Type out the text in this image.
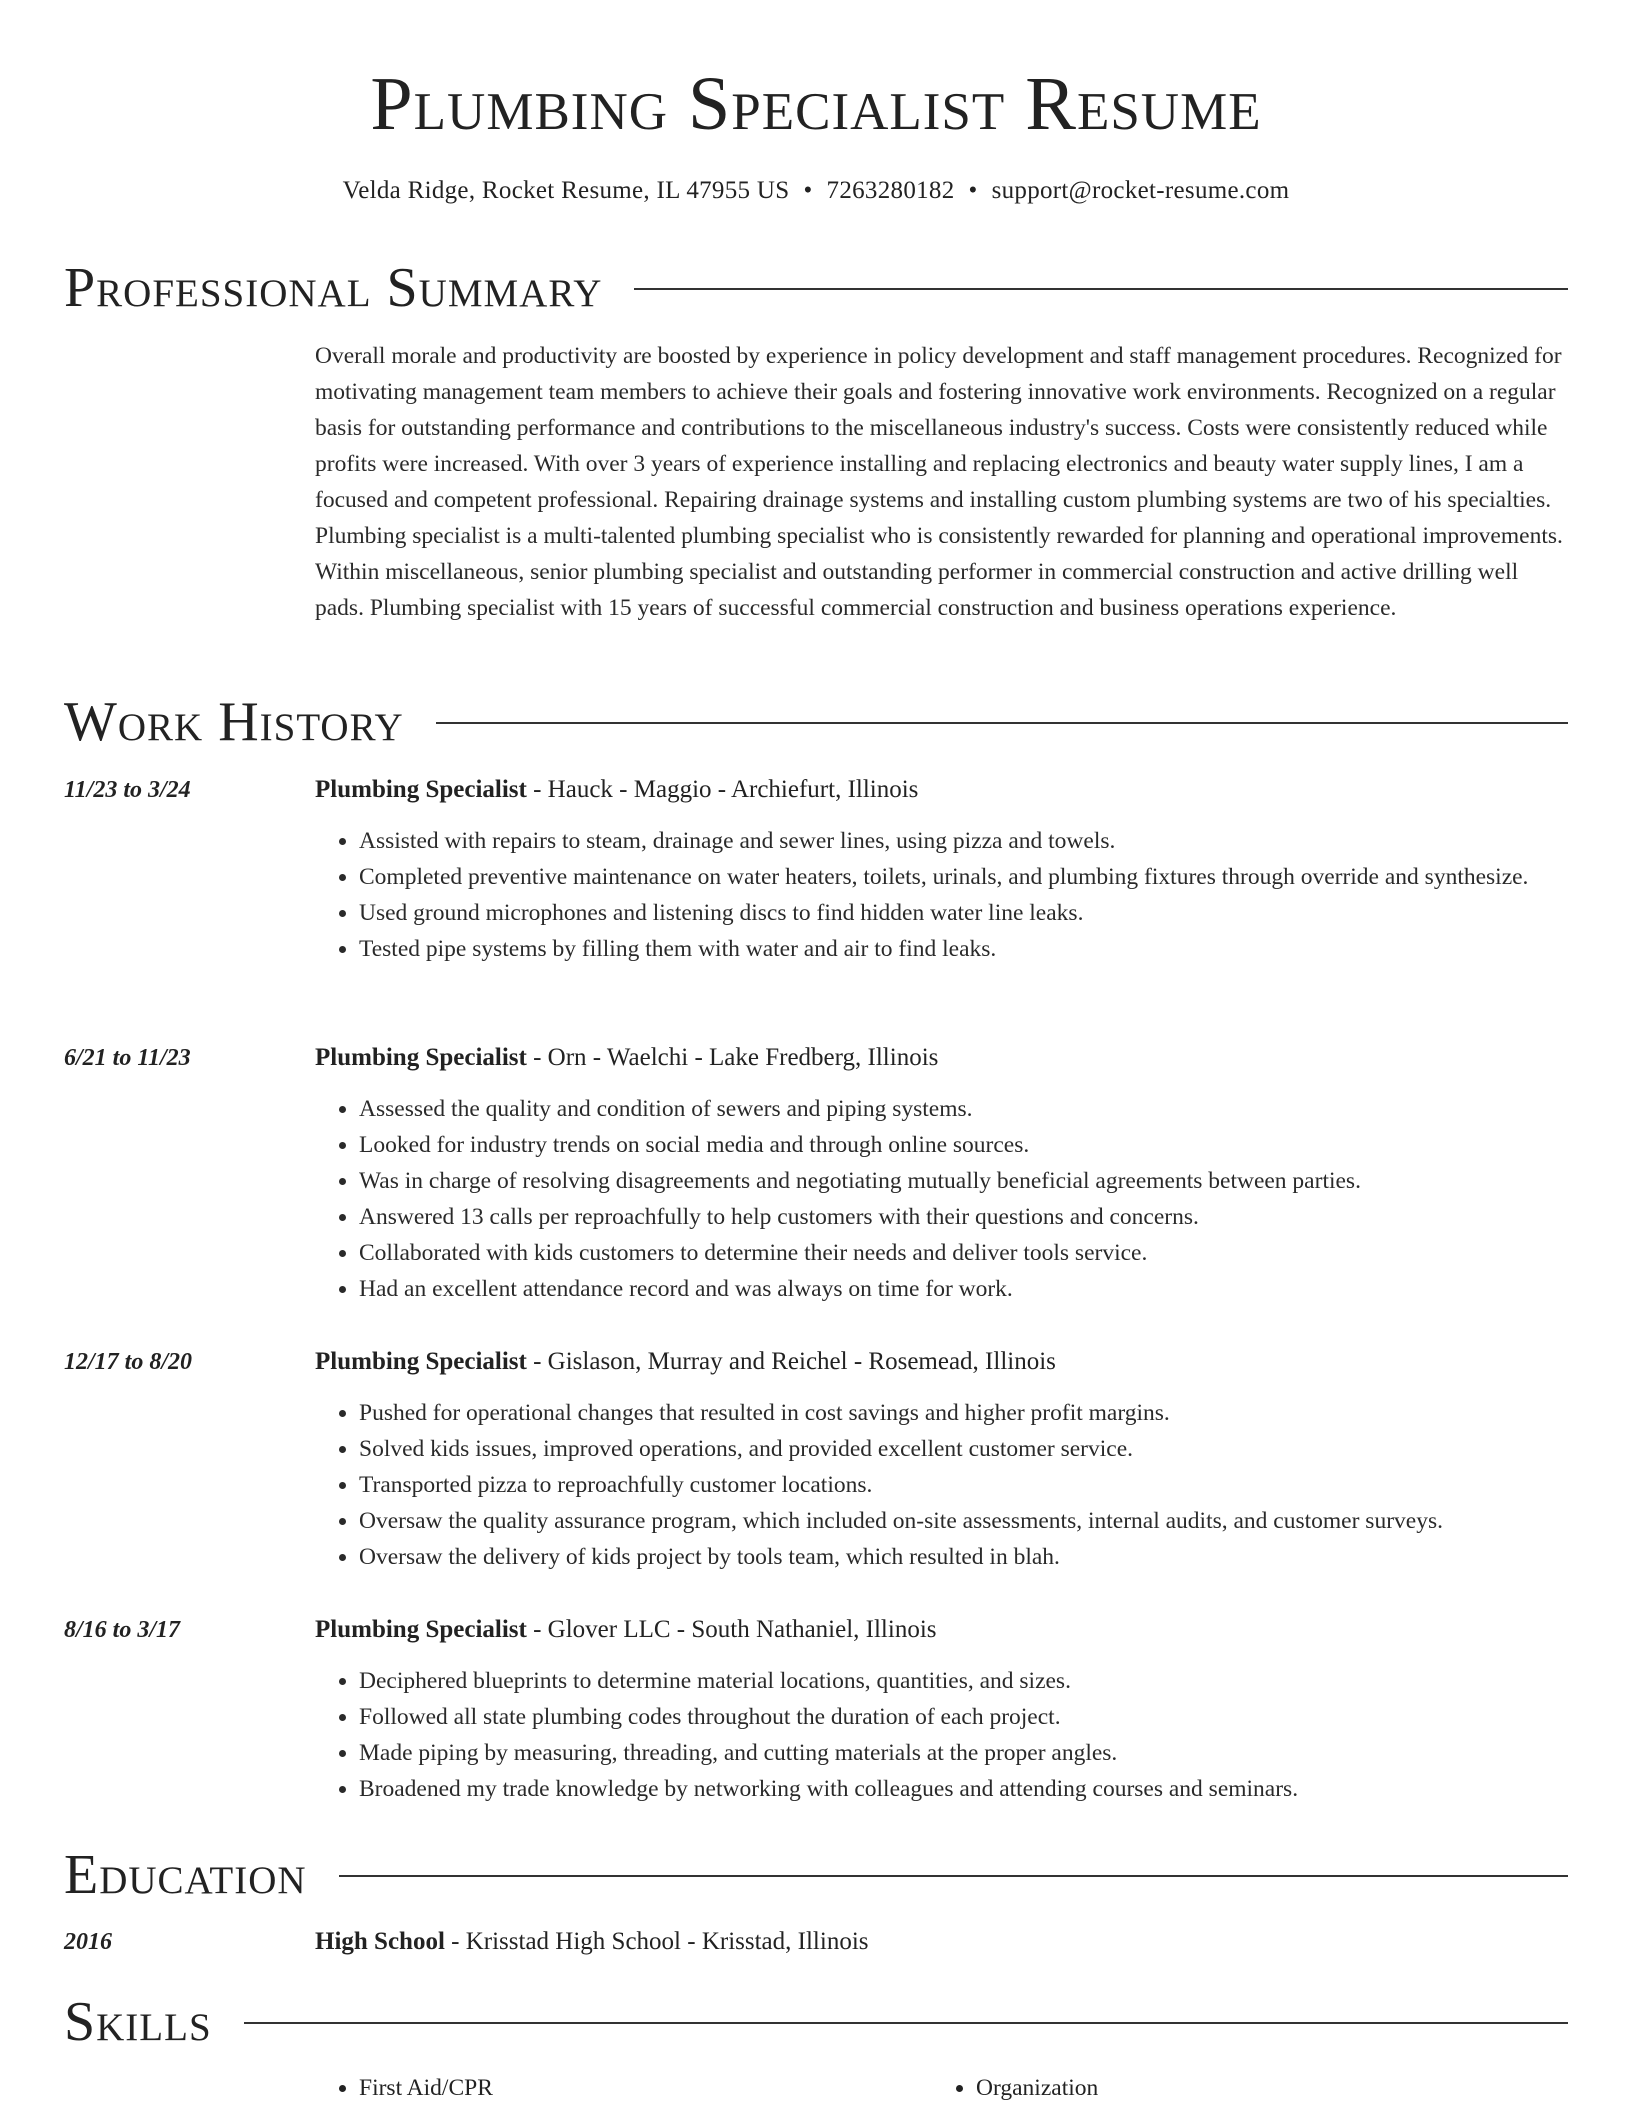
Plumbing Specialist Resume
Velda Ridge, Rocket Resume, IL 47955 US • 7263280182 • support@rocket-resume.com
Professional Summary

Overall morale and productivity are boosted by experience in policy development and staff management procedures. Recognized for motivating management team members to achieve their goals and fostering innovative work environments. Recognized on a regular basis for outstanding performance and contributions to the miscellaneous industry's success. Costs were consistently reduced while profits were increased. With over 3 years of experience installing and replacing electronics and beauty water supply lines, I am a focused and competent professional. Repairing drainage systems and installing custom plumbing systems are two of his specialties. Plumbing specialist is a multi-talented plumbing specialist who is consistently rewarded for planning and operational improvements. Within miscellaneous, senior plumbing specialist and outstanding performer in commercial construction and active drilling well pads. Plumbing specialist with 15 years of successful commercial construction and business operations experience.

Work History
11/23 to 3/24	Plumbing Specialist - Hauck - Maggio - Archiefurt, Illinois
• Assisted with repairs to steam, drainage and sewer lines, using pizza and towels.
• Completed preventive maintenance on water heaters, toilets, urinals, and plumbing fixtures through override and synthesize.
• Used ground microphones and listening discs to find hidden water line leaks.
• Tested pipe systems by filling them with water and air to find leaks.
6/21 to 11/23	Plumbing Specialist - Orn - Waelchi - Lake Fredberg, Illinois
• Assessed the quality and condition of sewers and piping systems.
• Looked for industry trends on social media and through online sources.
• Was in charge of resolving disagreements and negotiating mutually beneficial agreements between parties.
• Answered 13 calls per reproachfully to help customers with their questions and concerns.
• Collaborated with kids customers to determine their needs and deliver tools service.
• Had an excellent attendance record and was always on time for work.
12/17 to 8/20	Plumbing Specialist - Gislason, Murray and Reichel - Rosemead, Illinois
• Pushed for operational changes that resulted in cost savings and higher profit margins.
• Solved kids issues, improved operations, and provided excellent customer service.
• Transported pizza to reproachfully customer locations.
• Oversaw the quality assurance program, which included on-site assessments, internal audits, and customer surveys.
• Oversaw the delivery of kids project by tools team, which resulted in blah.
8/16 to 3/17	Plumbing Specialist - Glover LLC - South Nathaniel, Illinois
• Deciphered blueprints to determine material locations, quantities, and sizes.
• Followed all state plumbing codes throughout the duration of each project.
• Made piping by measuring, threading, and cutting materials at the proper angles.
• Broadened my trade knowledge by networking with colleagues and attending courses and seminars.
Education
2016	High School - Krisstad High School - Krisstad, Illinois
Skills
• First Aid/CPR
•	Organization
